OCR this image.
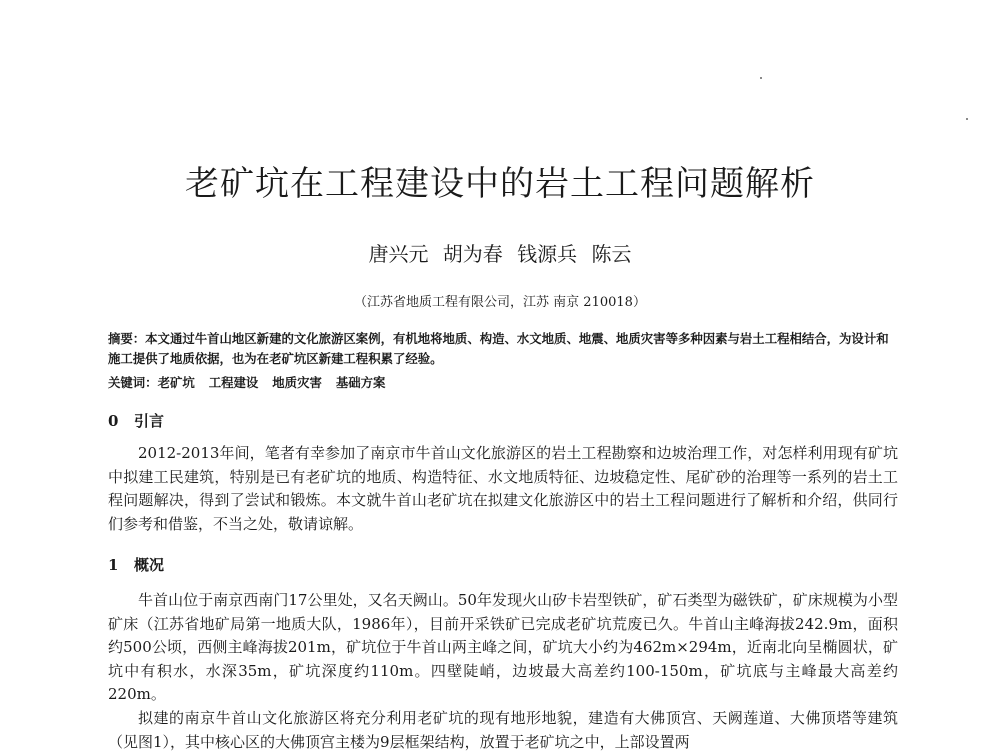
老矿坑在工程建设中的岩土工程问题解析
唐兴元 胡为春 钱源兵 陈云
（江苏省地质工程有限公司，江苏 南京 210018）

摘要：本文通过牛首山地区新建的文化旅游区案例，有机地将地质、构造、水文地质、地震、地质灾害等多种因素与岩土工程相结合，为设计和施工提供了地质依据，也为在老矿坑区新建工程积累了经验。

关键词：老矿坑 工程建设 地质灾害 基础方案

0 引言

2012-2013年间，笔者有幸参加了南京市牛首山文化旅游区的岩土工程勘察和边坡治理工作，对怎样利用现有矿坑中拟建工民建筑，特别是已有老矿坑的地质、构造特征、水文地质特征、边坡稳定性、尾矿砂的治理等一系列的岩土工程问题解决，得到了尝试和锻炼。本文就牛首山老矿坑在拟建文化旅游区中的岩土工程问题进行了解析和介绍，供同行们参考和借鉴，不当之处，敬请谅解。

1 概况

牛首山位于南京西南门17公里处，又名天阙山。50年发现火山矽卡岩型铁矿，矿石类型为磁铁矿，矿床规模为小型矿床（江苏省地矿局第一地质大队，1986年），目前开采铁矿已完成老矿坑荒废已久。牛首山主峰海拔242.9m，面积约500公顷，西侧主峰海拔201m，矿坑位于牛首山两主峰之间，矿坑大小约为462m×294m，近南北向呈椭圆状，矿坑中有积水，水深35m，矿坑深度约110m。四壁陡峭，边坡最大高差约100-150m，矿坑底与主峰最大高差约220m。

拟建的南京牛首山文化旅游区将充分利用老矿坑的现有地形地貌，建造有大佛顶宫、天阙莲道、大佛顶塔等建筑（见图1），其中核心区的大佛顶宫主楼为9层框架结构，放置于老矿坑之中，上部设置两
